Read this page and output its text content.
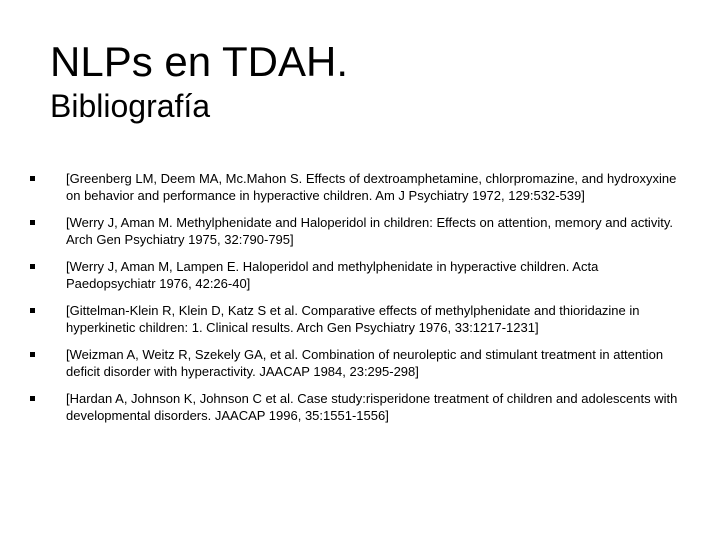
NLPs en TDAH.
Bibliografía
[Greenberg LM, Deem MA, Mc.Mahon S. Effects of dextroamphetamine, chlorpromazine, and hydroxyxine on behavior and performance in hyperactive children. Am J Psychiatry 1972, 129:532-539]
[Werry J, Aman M. Methylphenidate and Haloperidol in children: Effects on attention, memory and activity. Arch Gen Psychiatry 1975, 32:790-795]
[Werry J, Aman M, Lampen E. Haloperidol and methylphenidate in hyperactive children. Acta Paedopsychiatr 1976, 42:26-40]
[Gittelman-Klein R, Klein D, Katz S et al. Comparative effects of methylphenidate and thioridazine in hyperkinetic children: 1. Clinical results. Arch Gen Psychiatry 1976, 33:1217-1231]
[Weizman A, Weitz R, Szekely GA, et al. Combination of neuroleptic and stimulant treatment in attention deficit disorder with hyperactivity. JAACAP 1984, 23:295-298]
[Hardan A, Johnson K, Johnson C et al. Case study:risperidone treatment of children and adolescents with developmental disorders. JAACAP 1996, 35:1551-1556]
